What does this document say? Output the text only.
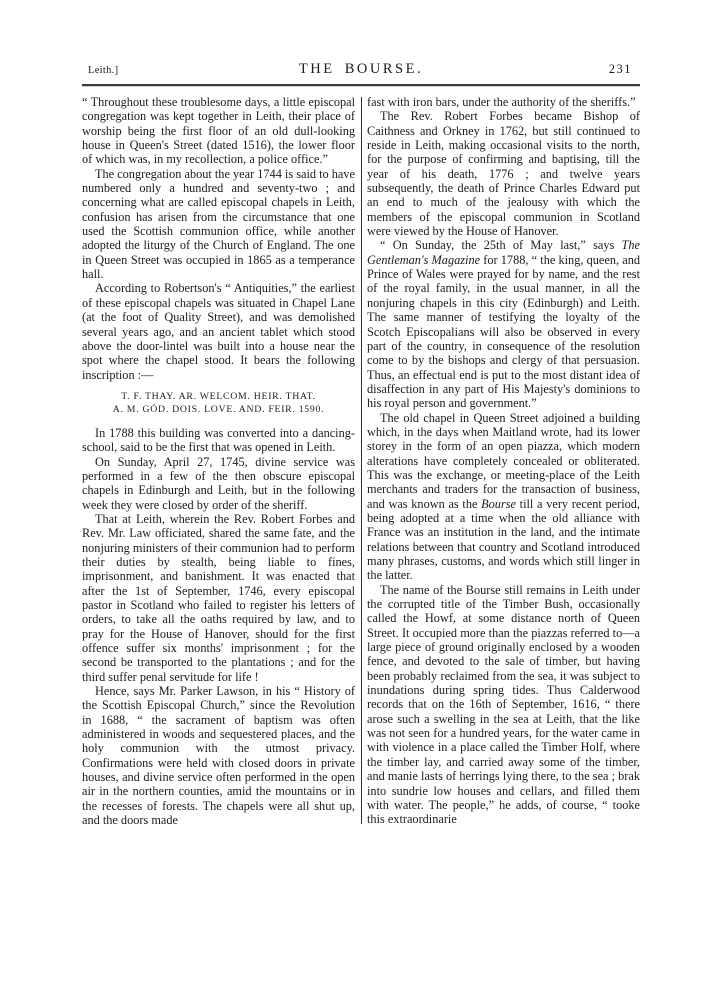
Leith.]	THE BOURSE.	231

“ Throughout these troublesome days, a little episcopal congregation was kept together in Leith, their place of worship being the first floor of an old dull-looking house in Queen's Street (dated 1516), the lower floor of which was, in my recollection, a police office.”

The congregation about the year 1744 is said to have numbered only a hundred and seventy-two ; and concerning what are called episcopal chapels in Leith, confusion has arisen from the circumstance that one used the Scottish communion office, while another adopted the liturgy of the Church of England. The one in Queen Street was occupied in 1865 as a temperance hall.

According to Robertson's “ Antiquities,” the earliest of these episcopal chapels was situated in Chapel Lane (at the foot of Quality Street), and was demolished several years ago, and an ancient tablet which stood above the door-lintel was built into a house near the spot where the chapel stood. It bears the following inscription :—

T. F. THAY. AR. WELCOM. HEIR. THAT.
A. M. GÓD. DOIS. LOVE. AND. FEIR. 1590.

In 1788 this building was converted into a dancing-school, said to be the first that was opened in Leith.

On Sunday, April 27, 1745, divine service was performed in a few of the then obscure episcopal chapels in Edinburgh and Leith, but in the following week they were closed by order of the sheriff.

That at Leith, wherein the Rev. Robert Forbes and Rev. Mr. Law officiated, shared the same fate, and the nonjuring ministers of their communion had to perform their duties by stealth, being liable to fines, imprisonment, and banishment. It was enacted that after the 1st of September, 1746, every episcopal pastor in Scotland who failed to register his letters of orders, to take all the oaths required by law, and to pray for the House of Hanover, should for the first offence suffer six months' imprisonment ; for the second be transported to the plantations ; and for the third suffer penal servitude for life !

Hence, says Mr. Parker Lawson, in his “ History of the Scottish Episcopal Church,” since the Revolution in 1688, “ the sacrament of baptism was often administered in woods and sequestered places, and the holy communion with the utmost privacy. Confirmations were held with closed doors in private houses, and divine service often performed in the open air in the northern counties, amid the mountains or in the recesses of forests. The chapels were all shut up, and the doors made

fast with iron bars, under the authority of the sheriffs.”

The Rev. Robert Forbes became Bishop of Caithness and Orkney in 1762, but still continued to reside in Leith, making occasional visits to the north, for the purpose of confirming and baptising, till the year of his death, 1776 ; and twelve years subsequently, the death of Prince Charles Edward put an end to much of the jealousy with which the members of the episcopal communion in Scotland were viewed by the House of Hanover.

“ On Sunday, the 25th of May last,” says The Gentleman's Magazine for 1788, “ the king, queen, and Prince of Wales were prayed for by name, and the rest of the royal family, in the usual manner, in all the nonjuring chapels in this city (Edinburgh) and Leith. The same manner of testifying the loyalty of the Scotch Episcopalians will also be observed in every part of the country, in consequence of the resolution come to by the bishops and clergy of that persuasion. Thus, an effectual end is put to the most distant idea of disaffection in any part of His Majesty's dominions to his royal person and government.”

The old chapel in Queen Street adjoined a building which, in the days when Maitland wrote, had its lower storey in the form of an open piazza, which modern alterations have completely concealed or obliterated. This was the exchange, or meeting-place of the Leith merchants and traders for the transaction of business, and was known as the Bourse till a very recent period, being adopted at a time when the old alliance with France was an institution in the land, and the intimate relations between that country and Scotland introduced many phrases, customs, and words which still linger in the latter.

The name of the Bourse still remains in Leith under the corrupted title of the Timber Bush, occasionally called the Howf, at some distance north of Queen Street. It occupied more than the piazzas referred to—a large piece of ground originally enclosed by a wooden fence, and devoted to the sale of timber, but having been probably reclaimed from the sea, it was subject to inundations during spring tides. Thus Calderwood records that on the 16th of September, 1616, “ there arose such a swelling in the sea at Leith, that the like was not seen for a hundred years, for the water came in with violence in a place called the Timber Holf, where the timber lay, and carried away some of the timber, and manie lasts of herrings lying there, to the sea ; brak into sundrie low houses and cellars, and filled them with water. The people,” he adds, of course, “ tooke this extraordinarie
